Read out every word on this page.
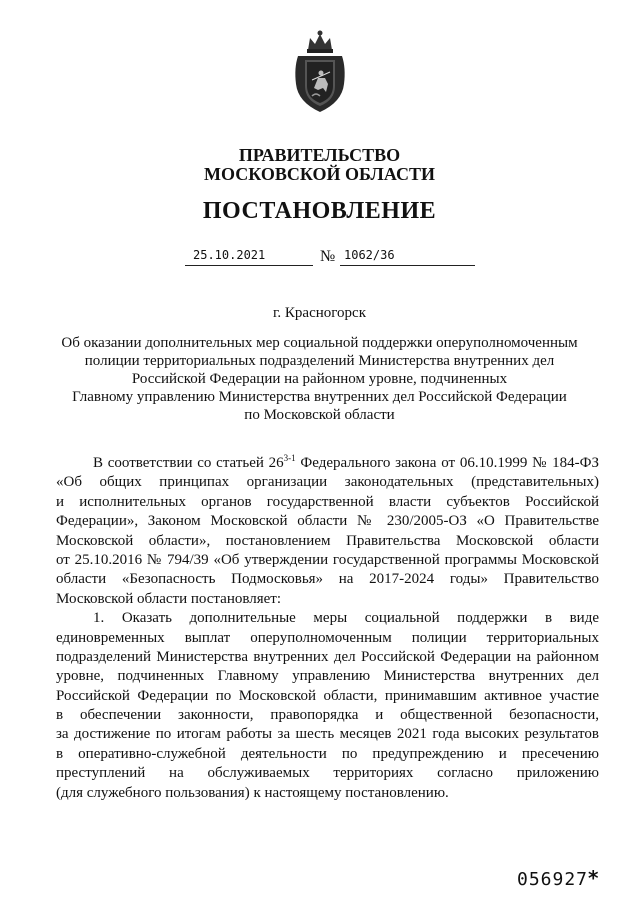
ПРАВИТЕЛЬСТВО
МОСКОВСКОЙ ОБЛАСТИ
ПОСТАНОВЛЕНИЕ
25.10.2021	№ 1062/36
г. Красногорск
Об оказании дополнительных мер социальной поддержки оперуполномоченным
полиции территориальных подразделений Министерства внутренних дел
Российской Федерации на районном уровне, подчиненных
Главному управлению Министерства внутренних дел Российской Федерации
по Московской области
В соответствии со статьей 26$^{3-1}$ Федерального закона от 06.10.1999 № 184-ФЗ
«Об общих принципах организации законодательных (представительных)
и исполнительных органов государственной власти субъектов Российской
Федерации», Законом Московской области № 230/2005-ОЗ «О Правительстве
Московской области», постановлением Правительства Московской области
от 25.10.2016 № 794/39 «Об утверждении государственной программы Московской
области «Безопасность Подмосковья» на 2017-2024 годы» Правительство
Московской области постановляет:
1. Оказать дополнительные меры социальной поддержки в виде
единовременных выплат оперуполномоченным полиции территориальных
подразделений Министерства внутренних дел Российской Федерации на районном
уровне, подчиненных Главному управлению Министерства внутренних дел
Российской Федерации по Московской области, принимавшим активное участие
в обеспечении законности, правопорядка и общественной безопасности,
за достижение по итогам работы за шесть месяцев 2021 года высоких результатов
в оперативно-служебной деятельности по предупреждению и пресечению
преступлений на обслуживаемых территориях согласно приложению
(для служебного пользования) к настоящему постановлению.
056927*
